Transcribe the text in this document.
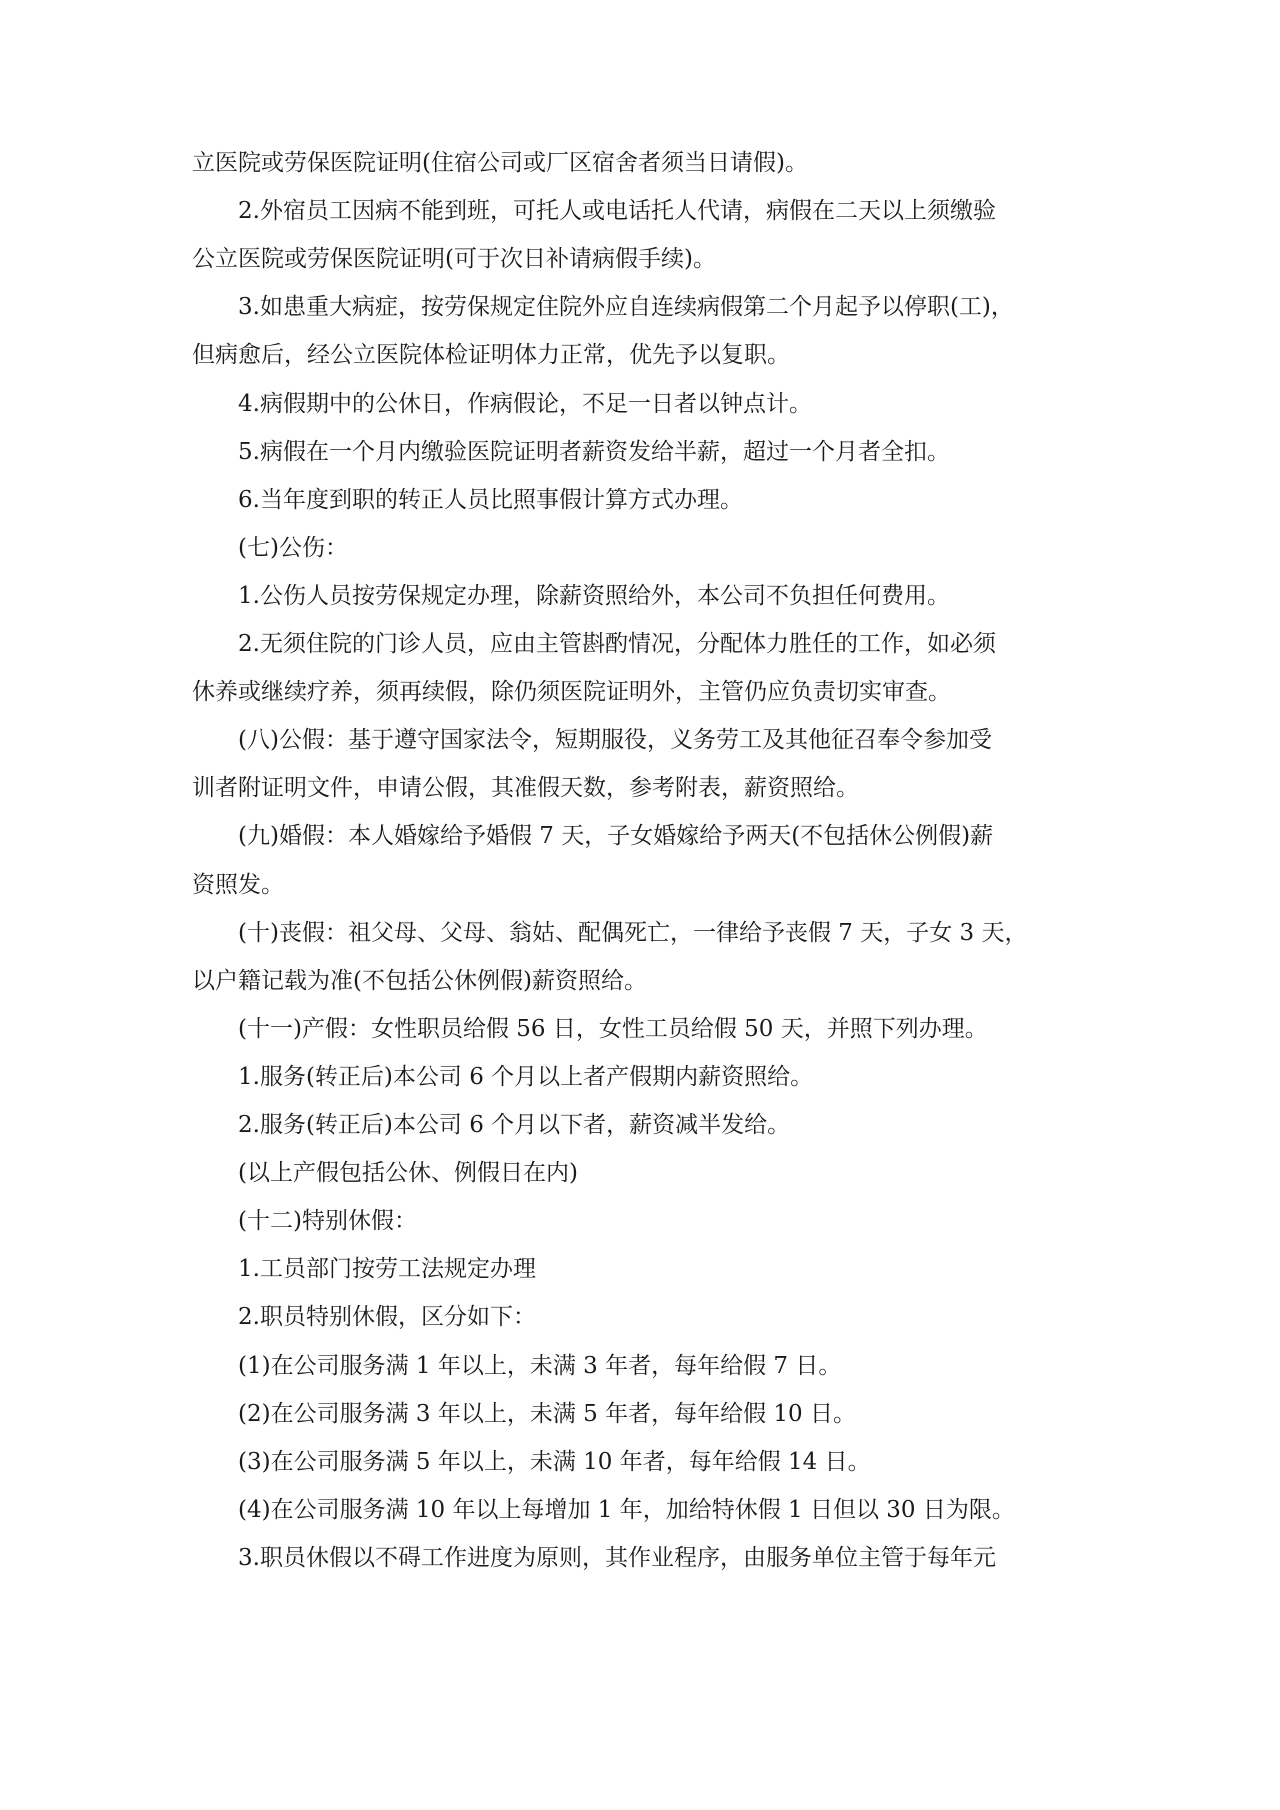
立医院或劳保医院证明(住宿公司或厂区宿舍者须当日请假)。
2.外宿员工因病不能到班，可托人或电话托人代请，病假在二天以上须缴验
公立医院或劳保医院证明(可于次日补请病假手续)。
3.如患重大病症，按劳保规定住院外应自连续病假第二个月起予以停职(工)，
但病愈后，经公立医院体检证明体力正常，优先予以复职。
4.病假期中的公休日，作病假论，不足一日者以钟点计。
5.病假在一个月内缴验医院证明者薪资发给半薪，超过一个月者全扣。
6.当年度到职的转正人员比照事假计算方式办理。
(七)公伤：
1.公伤人员按劳保规定办理，除薪资照给外，本公司不负担任何费用。
2.无须住院的门诊人员，应由主管斟酌情况，分配体力胜任的工作，如必须
休养或继续疗养，须再续假，除仍须医院证明外，主管仍应负责切实审查。
(八)公假：基于遵守国家法令，短期服役，义务劳工及其他征召奉令参加受
训者附证明文件，申请公假，其准假天数，参考附表，薪资照给。
(九)婚假：本人婚嫁给予婚假 7 天，子女婚嫁给予两天(不包括休公例假)薪
资照发。
(十)丧假：祖父母、父母、翁姑、配偶死亡，一律给予丧假 7 天，子女 3 天，
以户籍记载为准(不包括公休例假)薪资照给。
(十一)产假：女性职员给假 56 日，女性工员给假 50 天，并照下列办理。
1.服务(转正后)本公司 6 个月以上者产假期内薪资照给。
2.服务(转正后)本公司 6 个月以下者，薪资减半发给。
(以上产假包括公休、例假日在内)
(十二)特别休假：
1.工员部门按劳工法规定办理
2.职员特别休假，区分如下：
(1)在公司服务满 1 年以上，未满 3 年者，每年给假 7 日。
(2)在公司服务满 3 年以上，未满 5 年者，每年给假 10 日。
(3)在公司服务满 5 年以上，未满 10 年者，每年给假 14 日。
(4)在公司服务满 10 年以上每增加 1 年，加给特休假 1 日但以 30 日为限。
3.职员休假以不碍工作进度为原则，其作业程序，由服务单位主管于每年元
